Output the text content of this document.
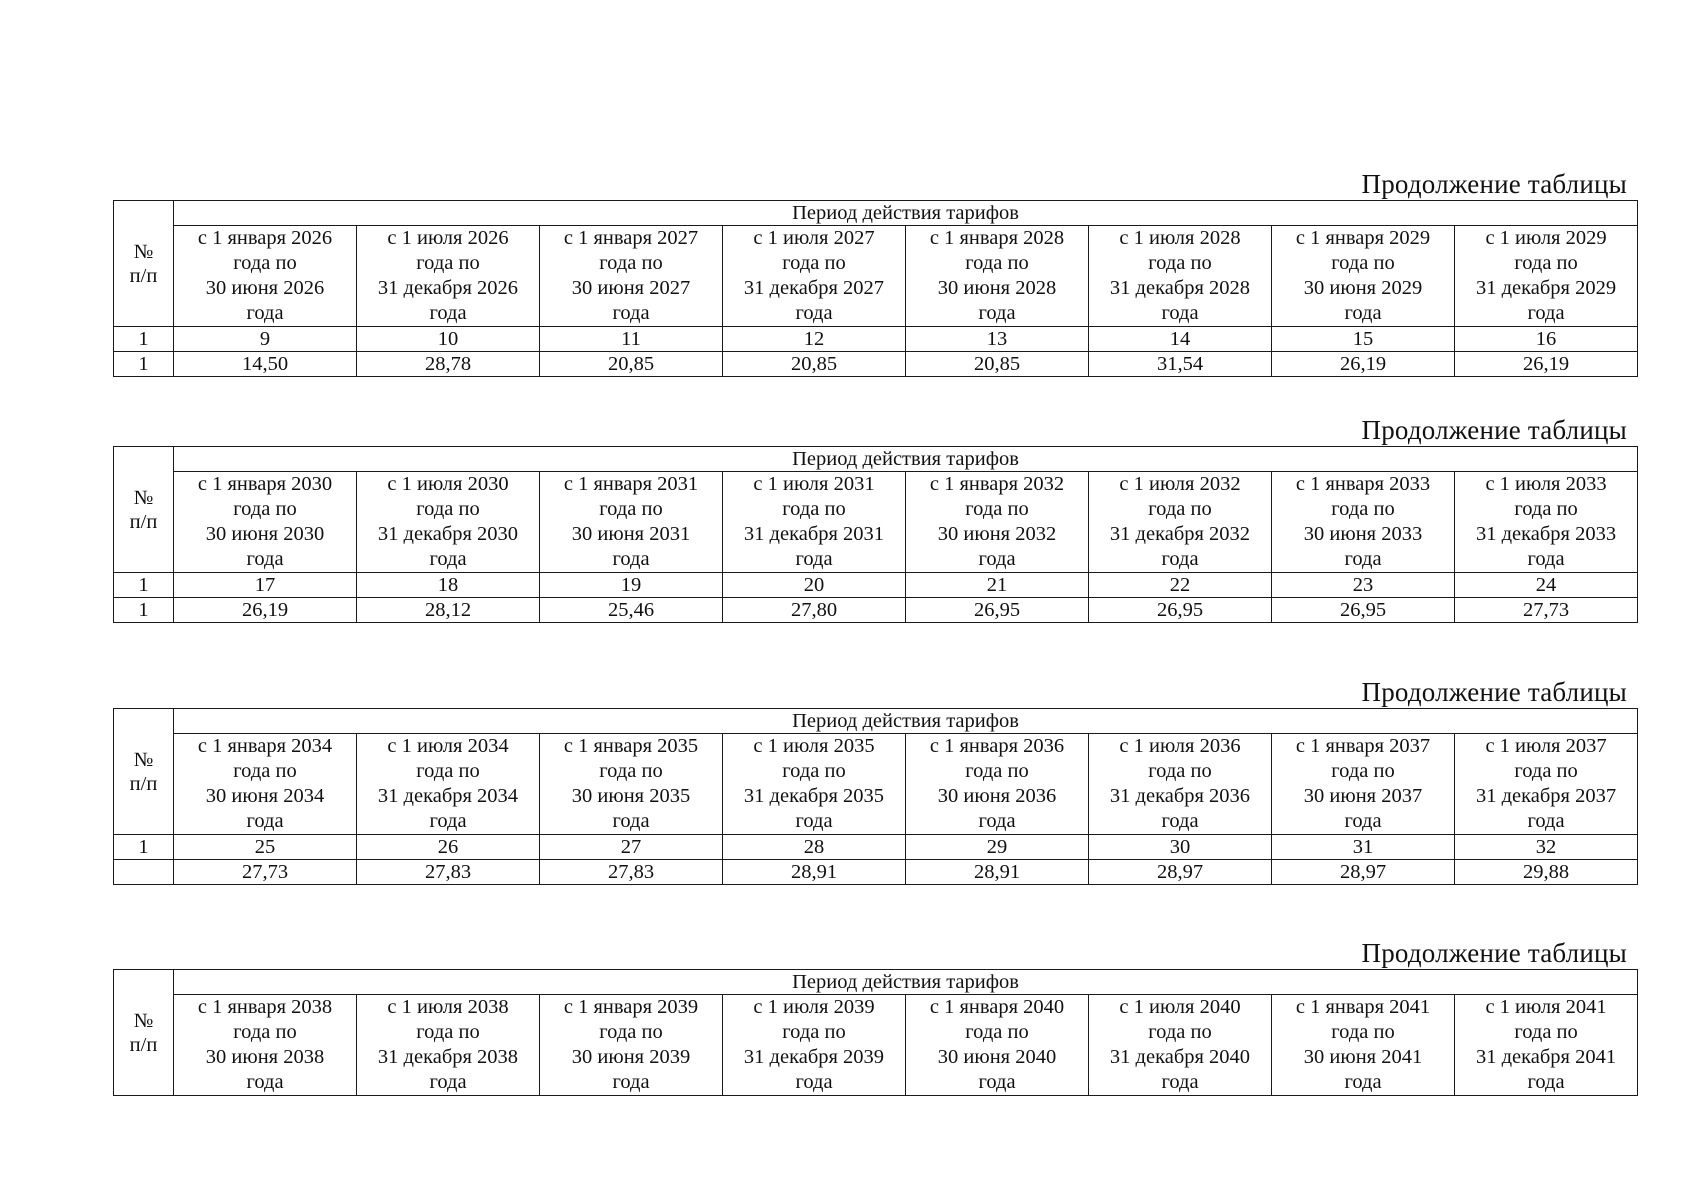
Продолжение таблицы
№
п/п	Период действия тарифов							
	с 1 января 2026
года по
30 июня 2026
года	с 1 июля 2026
года по
31 декабря 2026
года	с 1 января 2027
года по
30 июня 2027
года	с 1 июля 2027
года по
31 декабря 2027
года	с 1 января 2028
года по
30 июня 2028
года	с 1 июля 2028
года по
31 декабря 2028
года	с 1 января 2029
года по
30 июня 2029
года	с 1 июля 2029
года по
31 декабря 2029
года
1	9	10	11	12	13	14	15	16
1	14,50	28,78	20,85	20,85	20,85	31,54	26,19	26,19
Продолжение таблицы
№
п/п	Период действия тарифов							
	с 1 января 2030
года по
30 июня 2030
года	с 1 июля 2030
года по
31 декабря 2030
года	с 1 января 2031
года по
30 июня 2031
года	с 1 июля 2031
года по
31 декабря 2031
года	с 1 января 2032
года по
30 июня 2032
года	с 1 июля 2032
года по
31 декабря 2032
года	с 1 января 2033
года по
30 июня 2033
года	с 1 июля 2033
года по
31 декабря 2033
года
1	17	18	19	20	21	22	23	24
1	26,19	28,12	25,46	27,80	26,95	26,95	26,95	27,73
Продолжение таблицы
№
п/п	Период действия тарифов							
	с 1 января 2034
года по
30 июня 2034
года	с 1 июля 2034
года по
31 декабря 2034
года	с 1 января 2035
года по
30 июня 2035
года	с 1 июля 2035
года по
31 декабря 2035
года	с 1 января 2036
года по
30 июня 2036
года	с 1 июля 2036
года по
31 декабря 2036
года	с 1 января 2037
года по
30 июня 2037
года	с 1 июля 2037
года по
31 декабря 2037
года
1	25	26	27	28	29	30	31	32
	27,73	27,83	27,83	28,91	28,91	28,97	28,97	29,88
Продолжение таблицы
№
п/п	Период действия тарифов							
	с 1 января 2038
года по
30 июня 2038
года	с 1 июля 2038
года по
31 декабря 2038
года	с 1 января 2039
года по
30 июня 2039
года	с 1 июля 2039
года по
31 декабря 2039
года	с 1 января 2040
года по
30 июня 2040
года	с 1 июля 2040
года по
31 декабря 2040
года	с 1 января 2041
года по
30 июня 2041
года	с 1 июля 2041
года по
31 декабря 2041
года
